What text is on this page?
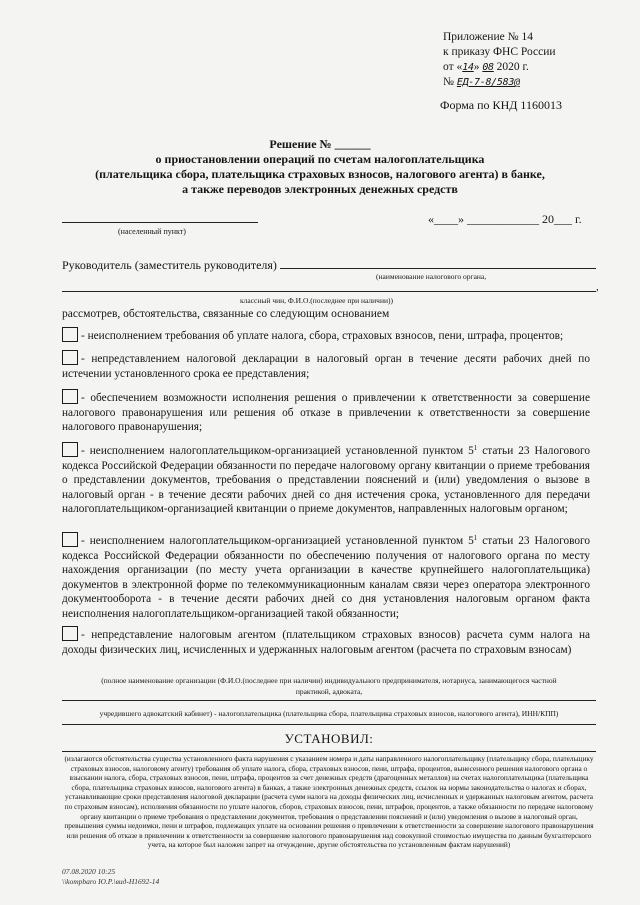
Приложение № 14
к приказу ФНС России
от «14» 08 2020 г.
№ ЕД-7-8/583@
Форма по КНД 1160013
Решение № ______
о приостановлении операций по счетам налогоплательщика
(плательщика сбора, плательщика страховых взносов, налогового агента) в банке,
а также переводов электронных денежных средств
(населенный пункт)
«____» ____________ 20___ г.
Руководитель (заместитель руководителя)
(наименование налогового органа,
,
классный чин, Ф.И.О.(последнее при наличии))
рассмотрев, обстоятельства, связанные со следующим основанием
- неисполнением требования об уплате налога, сбора, страховых взносов, пени, штрафа, процентов;
- непредставлением налоговой декларации в налоговый орган в течение десяти рабочих дней по истечении установленного срока ее представления;
- обеспечением возможности исполнения решения о привлечении к ответственности за совершение налогового правонарушения или решения об отказе в привлечении к ответственности за совершение налогового правонарушения;
- неисполнением налогоплательщиком-организацией установленной пунктом $5^1$ статьи 23 Налогового кодекса Российской Федерации обязанности по передаче налоговому органу квитанции о приеме требования о представлении документов, требования о представлении пояснений и (или) уведомления о вызове в налоговый орган - в течение десяти рабочих дней со дня истечения срока, установленного для передачи налогоплательщиком-организацией квитанции о приеме документов, направленных налоговым органом;
- неисполнением налогоплательщиком-организацией установленной пунктом $5^1$ статьи 23 Налогового кодекса Российской Федерации обязанности по обеспечению получения от налогового органа по месту нахождения организации (по месту учета организации в качестве крупнейшего налогоплательщика) документов в электронной форме по телекоммуникационным каналам связи через оператора электронного документооборота - в течение десяти рабочих дней со дня установления налоговым органом факта неисполнения налогоплательщиком-организацией такой обязанности;
- непредставление налоговым агентом (плательщиком страховых взносов) расчета сумм налога на доходы физических лиц, исчисленных и удержанных налоговым агентом (расчета по страховым взносам)
(полное наименование организации (Ф.И.О.(последнее при наличии) индивидуального предпринимателя, нотариуса, занимающегося частной
практикой, адвоката,
учредившего адвокатский кабинет) - налогоплательщика (плательщика сбора, плательщика страховых взносов, налогового агента), ИНН/КПП)
УСТАНОВИЛ:
(излагаются обстоятельства существа установленного факта нарушения с указанием номера и даты направленного налогоплательщику (плательщику сбора, плательщику страховых взносов, налоговому агенту) требования об уплате налога, сбора, страховых взносов, пени, штрафа, процентов, вынесенного решения налогового органа о взыскании налога, сбора, страховых взносов, пени, штрафа, процентов за счет денежных средств (драгоценных металлов) на счетах налогоплательщика (плательщика сбора, плательщика страховых взносов, налогового агента) в банках, а также электронных денежных средств, ссылок на нормы законодательства о налогах и сборах, устанавливающие сроки представления налоговой декларации (расчета сумм налога на доходы физических лиц, исчисленных и удержанных налоговым агентом, расчета по страховым взносам), исполнения обязанности по уплате налогов, сборов, страховых взносов, пени, штрафов, процентов, а также обязанности по передаче налоговому органу квитанции о приеме требования о представлении документов, требования о представлении пояснений и (или) уведомления о вызове в налоговый орган, превышения суммы недоимки, пени и штрафов, подлежащих уплате на основании решения о привлечении к ответственности за совершение налогового правонарушения или решения об отказе в привлечении к ответственности за совершение налогового правонарушения над совокупной стоимостью имущества по данным бухгалтерского учета, на которое был наложен запрет на отчуждение, другие обстоятельства по установленным фактам нарушений)
07.08.2020 10:25
\\kompbaro Ю.Р.\вид-H1692-14
